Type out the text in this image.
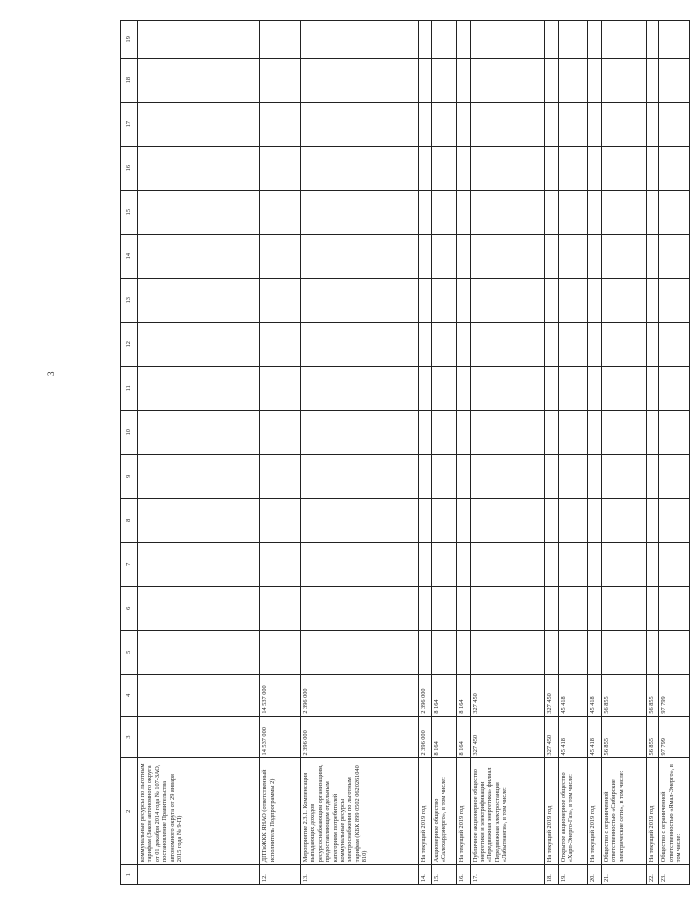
3
1	2	3	4	5	6	7	8	9	10	11	12	13	14	15	16	17	18	19
	коммунальные ресурсы по льготным тарифам (Закон автономного округа от 01 декабря 2014 года № 107-ЗАО, постановление Правительства автономного округа от 29 января 2015 года № 9-П)																	
12.	ДПТиЖКК ЯНАО (ответственный исполнитель Подпрограммы 2)	14 537 000	14 537 000															
13.	Мероприятие 2.3.1. Компенсация выпадающих доходов ресурсоснабжающим организациям, предоставляющим отдельным категориям потребителей коммунальные ресурсы электроснабжения по льготным тарифам (КБК 899 0502 0620261040 810)	2 396 000	2 396 000															
14.	На текущий 2019 год	2 396 000	2 396 000															
15.	Акционерное общество «Салехардэнерго», в том числе:	8 164	8 164															
16.	На текущий 2019 год	8 164	8 164															
17.	Публичное акционерное общество энергетики и электрификации «Передвижная энергетика» филиал Передвижная электростанция «Лабытнанги», в том числе:	327 450	327 450															
18.	На текущий 2019 год	327 450	327 450															
19.	Открытое акционерное общество «Харп-Энерго-Газ», в том числе:	45 418	45 418															
20.	На текущий 2019 год	45 418	45 418															
21.	Общество с ограниченной ответственностью «Сибирские электрические сети», в том числе:	56 855	56 855															
22.	На текущий 2019 год	56 855	56 855															
23.	Общество с ограниченной ответственностью «Ямал-Энерго», в том числе:	97 799	97 799															
